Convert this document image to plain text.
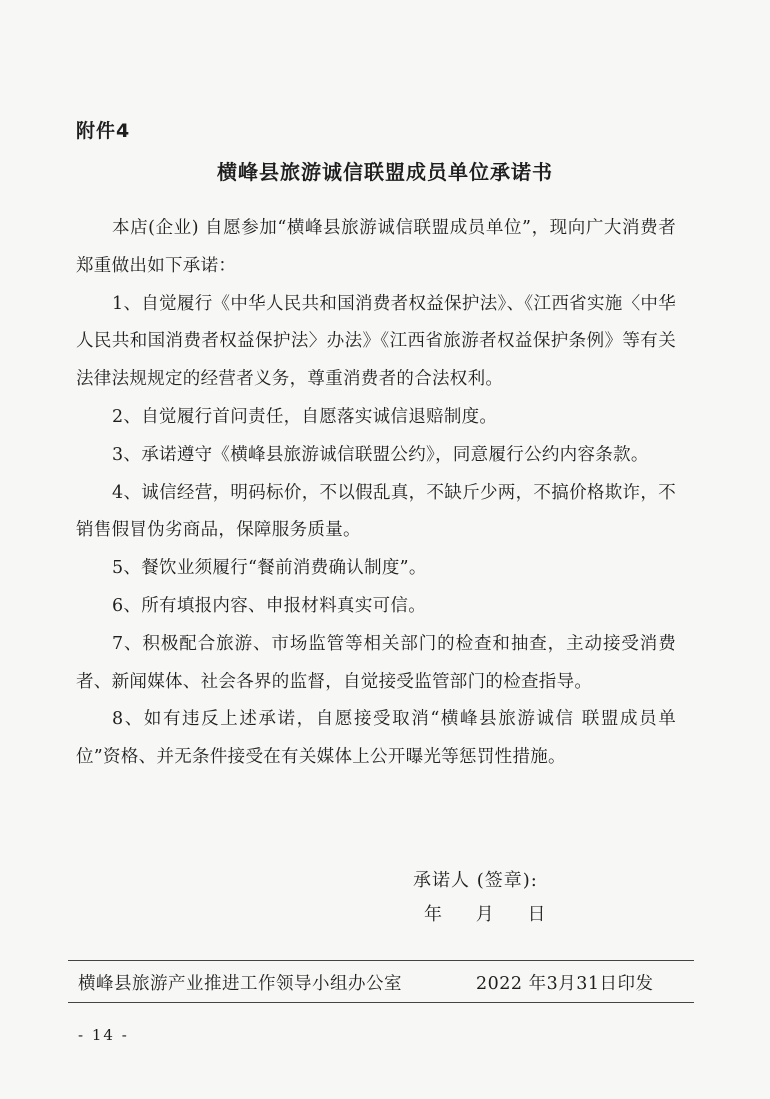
附件4
横峰县旅游诚信联盟成员单位承诺书

本店(企业) 自愿参加“横峰县旅游诚信联盟成员单位”，现向广大消费者郑重做出如下承诺：

1、自觉履行《中华人民共和国消费者权益保护法》、《江西省实施〈中华人民共和国消费者权益保护法〉办法》《江西省旅游者权益保护条例》等有关法律法规规定的经营者义务，尊重消费者的合法权利。

2、自觉履行首问责任，自愿落实诚信退赔制度。

3、承诺遵守《横峰县旅游诚信联盟公约》，同意履行公约内容条款。

4、诚信经营，明码标价，不以假乱真，不缺斤少两，不搞价格欺诈，不销售假冒伪劣商品，保障服务质量。

5、餐饮业须履行“餐前消费确认制度”。

6、所有填报内容、申报材料真实可信。

7、积极配合旅游、市场监管等相关部门的检查和抽查，主动接受消费者、新闻媒体、社会各界的监督，自觉接受监管部门的检查指导。

8、如有违反上述承诺，自愿接受取消“横峰县旅游诚信 联盟成员单位”资格、并无条件接受在有关媒体上公开曝光等惩罚性措施。

承诺人 (签章):
年 月 日
横峰县旅游产业推进工作领导小组办公室	2022 年3月31日印发
- 14 -
